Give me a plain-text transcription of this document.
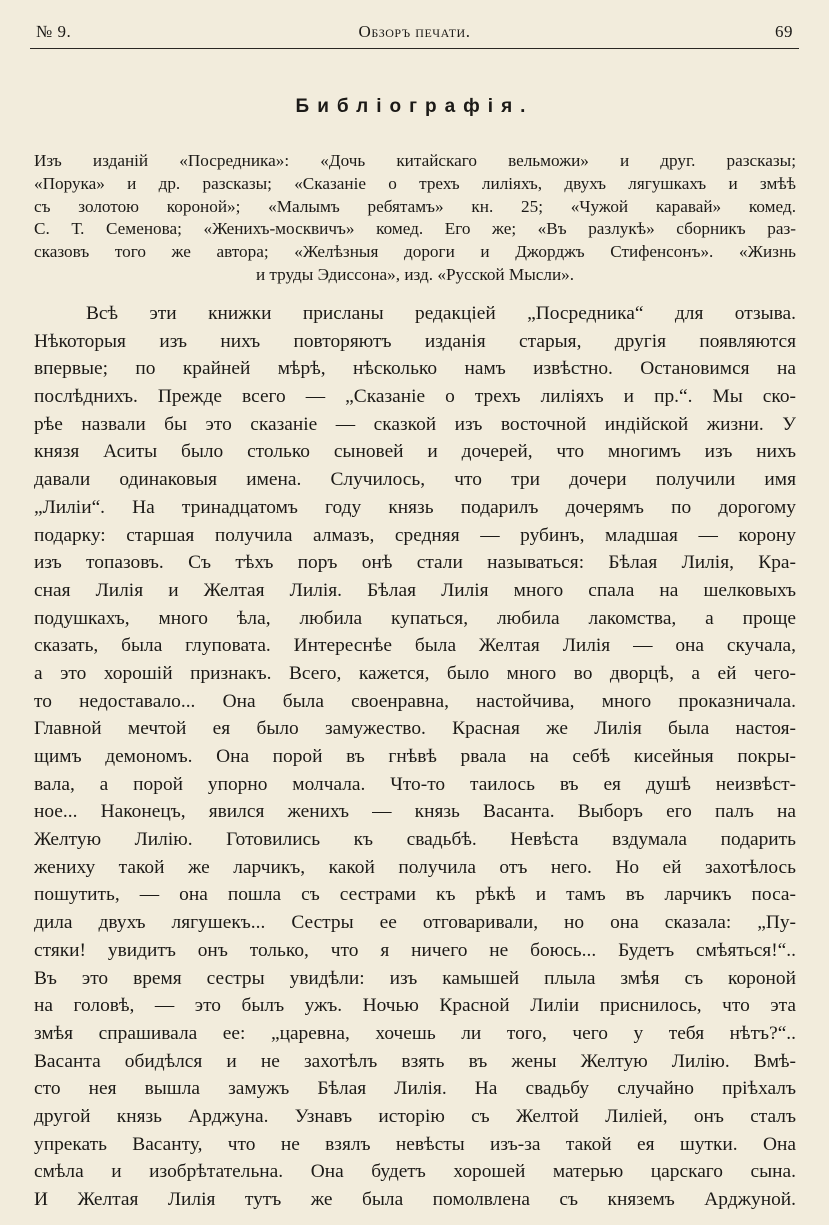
№ 9.	Обзоръ печати.	69
Библіографія.
Изъ изданій «Посредника»: «Дочь китайскаго вельможи» и друг. разсказы;
«Порука» и др. разсказы; «Сказаніе о трехъ лиліяхъ, двухъ лягушкахъ и змѣѣ
съ золотою короной»; «Малымъ ребятамъ» кн. 25; «Чужой каравай» комед.
С. Т. Семенова; «Женихъ-москвичъ» комед. Его же; «Въ разлукѣ» сборникъ раз-
сказовъ того же автора; «Желѣзныя дороги и Джорджъ Стифенсонъ». «Жизнь
и труды Эдиссона», изд. «Русской Мысли».
Всѣ эти книжки присланы редакціей „Посредника“ для отзыва.
Нѣкоторыя изъ нихъ повторяютъ изданія старыя, другія появляются
впервые; по крайней мѣрѣ, нѣсколько намъ извѣстно. Остановимся на
послѣднихъ. Прежде всего — „Сказаніе о трехъ лиліяхъ и пр.“. Мы ско-
рѣе назвали бы это сказаніе — сказкой изъ восточной индійской жизни. У
князя Аситы было столько сыновей и дочерей, что многимъ изъ нихъ
давали одинаковыя имена. Случилось, что три дочери получили имя
„Лиліи“. На тринадцатомъ году князь подарилъ дочерямъ по дорогому
подарку: старшая получила алмазъ, средняя — рубинъ, младшая — корону
изъ топазовъ. Съ тѣхъ поръ онѣ стали называться: Бѣлая Лилія, Кра-
сная Лилія и Желтая Лилія. Бѣлая Лилія много спала на шелковыхъ
подушкахъ, много ѣла, любила купаться, любила лакомства, а проще
сказать, была глуповата. Интереснѣе была Желтая Лилія — она скучала,
а это хорошій признакъ. Всего, кажется, было много во дворцѣ, а ей чего-
то недоставало... Она была своенравна, настойчива, много проказничала.
Главной мечтой ея было замужество. Красная же Лилія была настоя-
щимъ демономъ. Она порой въ гнѣвѣ рвала на себѣ кисейныя покры-
вала, а порой упорно молчала. Что-то таилось въ ея душѣ неизвѣст-
ное... Наконецъ, явился женихъ — князь Васанта. Выборъ его палъ на
Желтую Лилію. Готовились къ свадьбѣ. Невѣста вздумала подарить
жениху такой же ларчикъ, какой получила отъ него. Но ей захотѣлось
пошутить, — она пошла съ сестрами къ рѣкѣ и тамъ въ ларчикъ поса-
дила двухъ лягушекъ... Сестры ее отговаривали, но она сказала: „Пу-
стяки! увидитъ онъ только, что я ничего не боюсь... Будетъ смѣяться!“..
Въ это время сестры увидѣли: изъ камышей плыла змѣя съ короной
на головѣ, — это былъ ужъ. Ночью Красной Лиліи приснилось, что эта
змѣя спрашивала ее: „царевна, хочешь ли того, чего у тебя нѣтъ?“..
Васанта обидѣлся и не захотѣлъ взять въ жены Желтую Лилію. Вмѣ-
сто нея вышла замужъ Бѣлая Лилія. На свадьбу случайно пріѣхалъ
другой князь Арджуна. Узнавъ исторію съ Желтой Лиліей, онъ сталъ
упрекать Васанту, что не взялъ невѣсты изъ-за такой ея шутки. Она
смѣла и изобрѣтательна. Она будетъ хорошей матерью царскаго сына.
И Желтая Лилія тутъ же была помолвлена съ княземъ Арджуной.
